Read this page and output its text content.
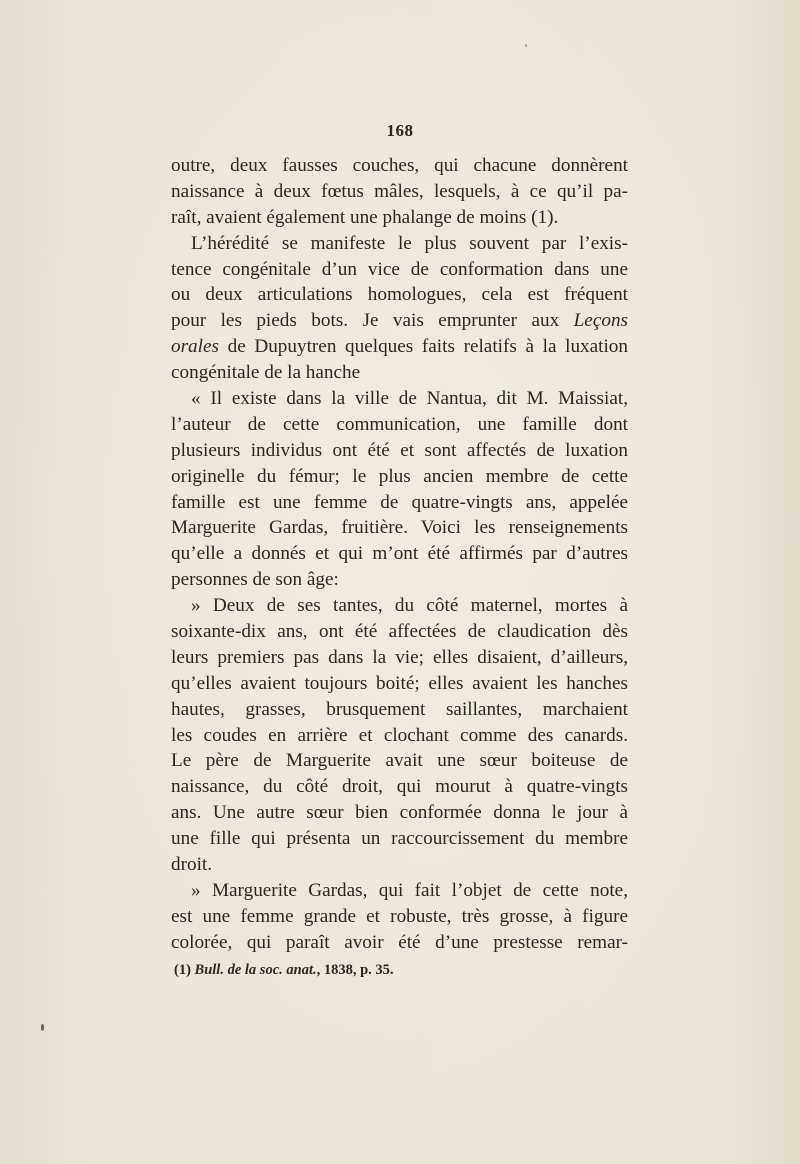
168
outre, deux fausses couches, qui chacune donnèrent
naissance à deux fœtus mâles, lesquels, à ce qu’il pa-
raît, avaient également une phalange de moins (1).
L’hérédité se manifeste le plus souvent par l’exis-
tence congénitale d’un vice de conformation dans une
ou deux articulations homologues, cela est fréquent
pour les pieds bots. Je vais emprunter aux Leçons
orales de Dupuytren quelques faits relatifs à la luxation
congénitale de la hanche
« Il existe dans la ville de Nantua, dit M. Maissiat,
l’auteur de cette communication, une famille dont
plusieurs individus ont été et sont affectés de luxation
originelle du fémur; le plus ancien membre de cette
famille est une femme de quatre-vingts ans, appelée
Marguerite Gardas, fruitière. Voici les renseignements
qu’elle a donnés et qui m’ont été affirmés par d’autres
personnes de son âge:
» Deux de ses tantes, du côté maternel, mortes à
soixante-dix ans, ont été affectées de claudication dès
leurs premiers pas dans la vie; elles disaient, d’ailleurs,
qu’elles avaient toujours boité; elles avaient les hanches
hautes, grasses, brusquement saillantes, marchaient
les coudes en arrière et clochant comme des canards.
Le père de Marguerite avait une sœur boiteuse de
naissance, du côté droit, qui mourut à quatre-vingts
ans. Une autre sœur bien conformée donna le jour à
une fille qui présenta un raccourcissement du membre
droit.
» Marguerite Gardas, qui fait l’objet de cette note,
est une femme grande et robuste, très grosse, à figure
colorée, qui paraît avoir été d’une prestesse remar-
(1) Bull. de la soc. anat., 1838, p. 35.
